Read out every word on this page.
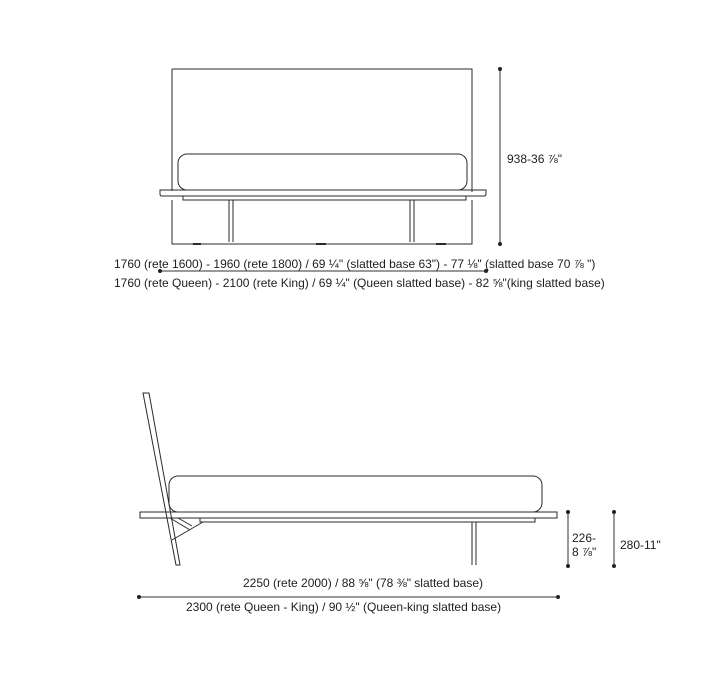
938-36 ⅞"
1760 (rete 1600) - 1960 (rete 1800) / 69 ¼" (slatted base 63") - 77 ⅛" (slatted base 70 ⅞ ")
1760 (rete Queen) - 2100 (rete King) / 69 ¼" (Queen slatted base) - 82 ⅝"(king slatted base)
226-
8 ⅞" 280-11"
2250 (rete 2000) / 88 ⅝" (78 ⅜" slatted base)
2300 (rete Queen - King) / 90 ½" (Queen-king slatted base)
